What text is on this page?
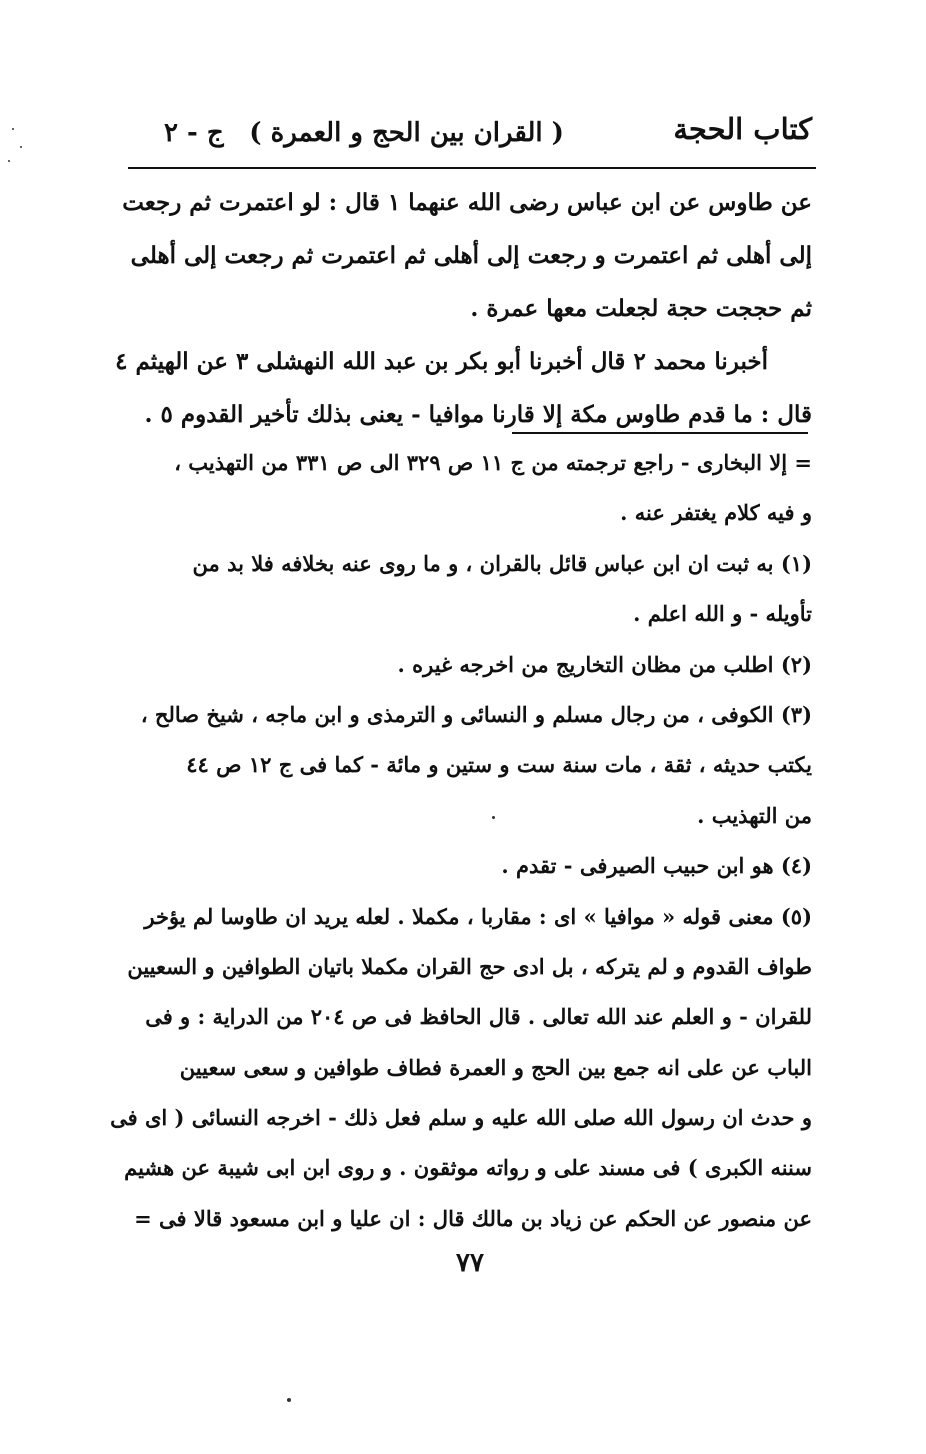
كتاب الحجة
( القران بين الحج و العمرة )
ج - ٢
عن طاوس عن ابن عباس رضى الله عنهما ١ قال : لو اعتمرت ثم رجعت
إلى أهلى ثم اعتمرت و رجعت إلى أهلى ثم اعتمرت ثم رجعت إلى أهلى
ثم حججت حجة لجعلت معها عمرة .
أخبرنا محمد ٢ قال أخبرنا أبو بكر بن عبد الله النهشلى ٣ عن الهيثم ٤
قال : ما قدم طاوس مكة إلا قارنا موافيا - يعنى بذلك تأخير القدوم ٥ .
= إلا البخارى - راجع ترجمته من ج ١١ ص ٣٢٩ الى ص ٣٣١ من التهذيب ،
و فيه كلام يغتفر عنه .
(١) به ثبت ان ابن عباس قائل بالقران ، و ما روى عنه بخلافه فلا بد من
تأويله - و الله اعلم .
(٢) اطلب من مظان التخاريج من اخرجه غيره .
(٣) الكوفى ، من رجال مسلم و النسائى و الترمذى و ابن ماجه ، شيخ صالح ،
يكتب حديثه ، ثقة ، مات سنة ست و ستين و مائة - كما فى ج ١٢ ص ٤٤
من التهذيب .
(٤) هو ابن حبيب الصيرفى - تقدم .
(٥) معنى قوله « موافيا » اى : مقاربا ، مكملا . لعله يريد ان طاوسا لم يؤخر
طواف القدوم و لم يتركه ، بل ادى حج القران مكملا باتيان الطوافين و السعيين
للقران - و العلم عند الله تعالى . قال الحافظ فى ص ٢٠٤ من الدراية : و فى
الباب عن على انه جمع بين الحج و العمرة فطاف طوافين و سعى سعيين
و حدث ان رسول الله صلى الله عليه و سلم فعل ذلك - اخرجه النسائى ( اى فى
سننه الكبرى ) فى مسند على و رواته موثقون . و روى ابن ابى شيبة عن هشيم
عن منصور عن الحكم عن زياد بن مالك قال : ان عليا و ابن مسعود قالا فى =
٧٧
